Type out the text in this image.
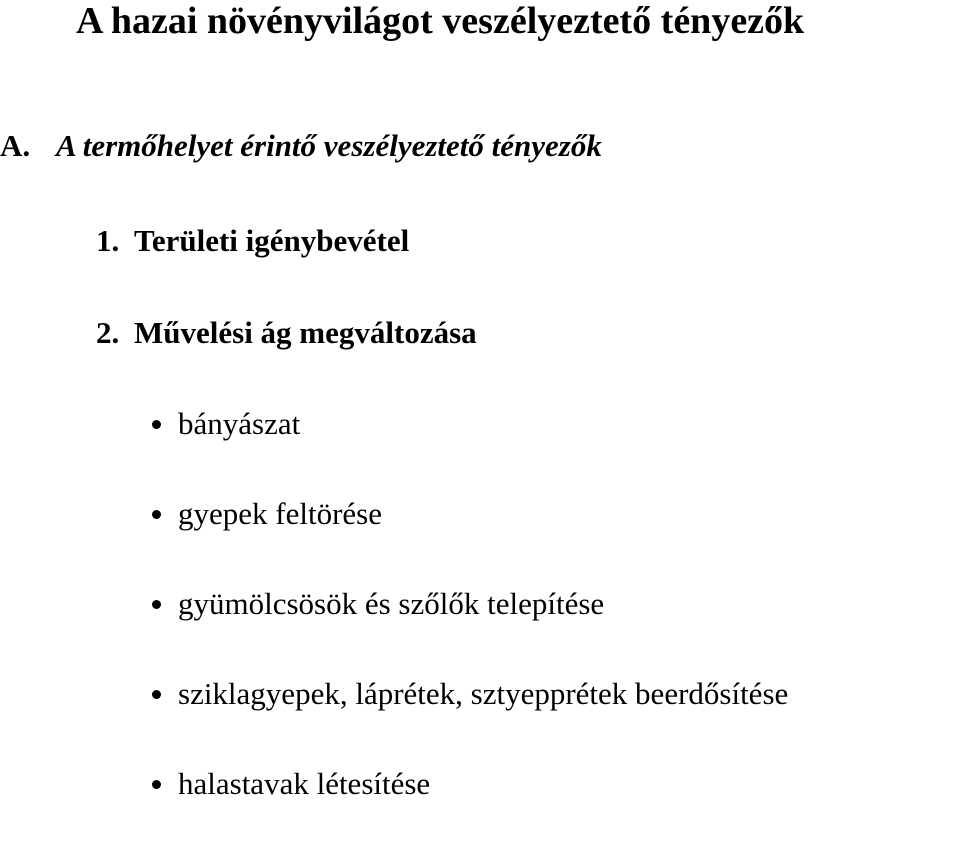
A hazai növényvilágot veszélyeztető tényezők
A. A termőhelyet érintő veszélyeztető tényezők
1. Területi igénybevétel
2. Művelési ág megváltozása
bányászat
gyepek feltörése
gyümölcsösök és szőlők telepítése
sziklagyepek, láprétek, sztyepprétek beerdősítése
halastavak létesítése
